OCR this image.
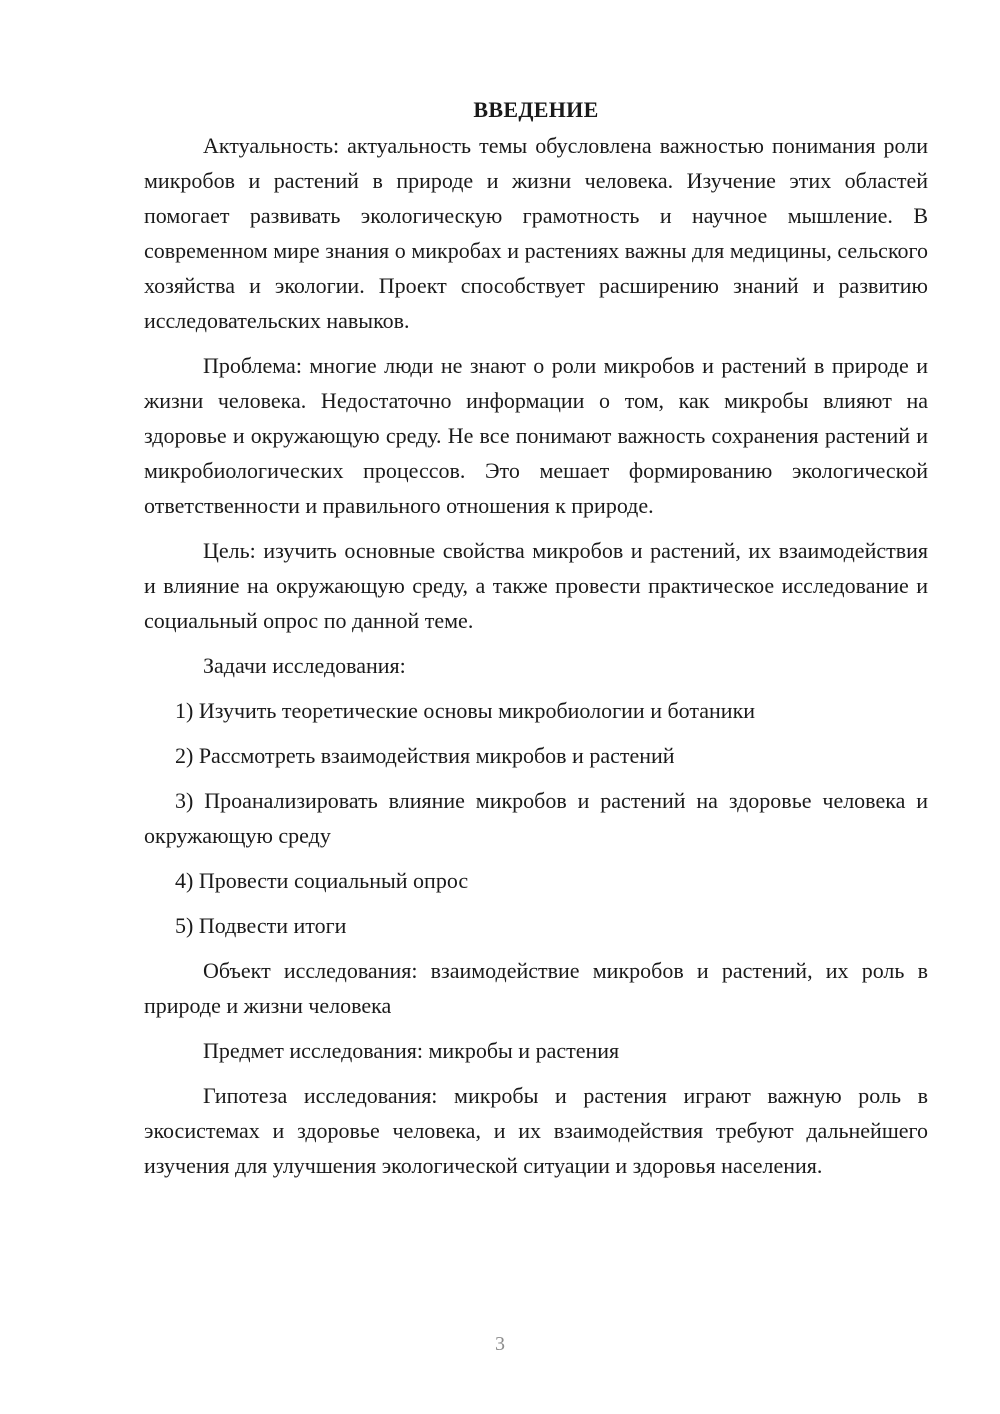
ВВЕДЕНИЕ

Актуальность: актуальность темы обусловлена важностью понимания роли микробов и растений в природе и жизни человека. Изучение этих областей помогает развивать экологическую грамотность и научное мышление. В современном мире знания о микробах и растениях важны для медицины, сельского хозяйства и экологии. Проект способствует расширению знаний и развитию исследовательских навыков.

Проблема: многие люди не знают о роли микробов и растений в природе и жизни человека. Недостаточно информации о том, как микробы влияют на здоровье и окружающую среду. Не все понимают важность сохранения растений и микробиологических процессов. Это мешает формированию экологической ответственности и правильного отношения к природе.

Цель: изучить основные свойства микробов и растений, их взаимодействия и влияние на окружающую среду, а также провести практическое исследование и социальный опрос по данной теме.

Задачи исследования:

1) Изучить теоретические основы микробиологии и ботаники

2) Рассмотреть взаимодействия микробов и растений

3) Проанализировать влияние микробов и растений на здоровье человека и окружающую среду

4) Провести социальный опрос

5) Подвести итоги

Объект исследования: взаимодействие микробов и растений, их роль в природе и жизни человека

Предмет исследования: микробы и растения

Гипотеза исследования: микробы и растения играют важную роль в экосистемах и здоровье человека, и их взаимодействия требуют дальнейшего изучения для улучшения экологической ситуации и здоровья населения.

3
